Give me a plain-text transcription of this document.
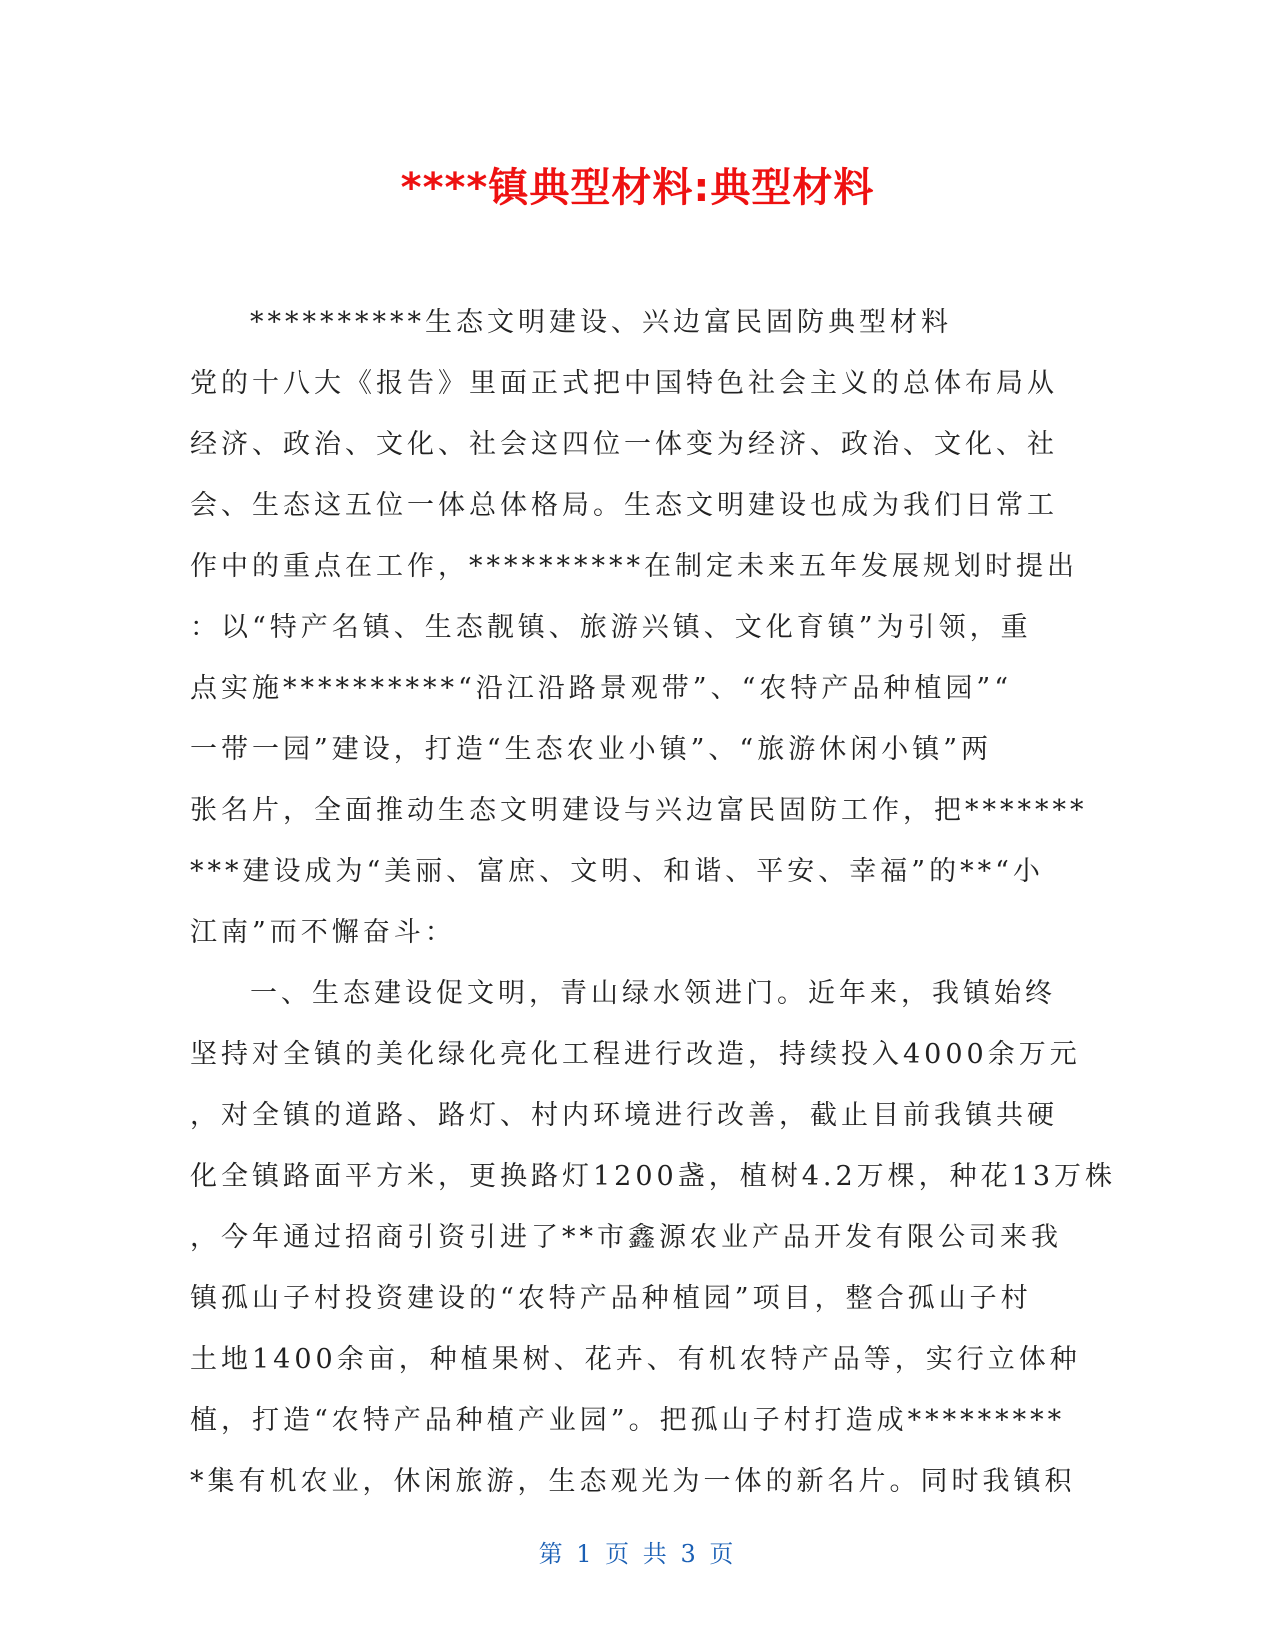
****镇典型材料:典型材料
**********生态文明建设、兴边富民固防典型材料
党的十八大《报告》里面正式把中国特色社会主义的总体布局从
经济、政治、文化、社会这四位一体变为经济、政治、文化、社
会、生态这五位一体总体格局。生态文明建设也成为我们日常工
作中的重点在工作，**********在制定未来五年发展规划时提出
：以“特产名镇、生态靓镇、旅游兴镇、文化育镇”为引领，重
点实施**********“沿江沿路景观带”、“农特产品种植园”“
一带一园”建设，打造“生态农业小镇”、“旅游休闲小镇”两
张名片，全面推动生态文明建设与兴边富民固防工作，把*******
***建设成为“美丽、富庶、文明、和谐、平安、幸福”的**“小
江南”而不懈奋斗：
一、生态建设促文明，青山绿水领进门。近年来，我镇始终
坚持对全镇的美化绿化亮化工程进行改造，持续投入4000余万元
，对全镇的道路、路灯、村内环境进行改善，截止目前我镇共硬
化全镇路面平方米，更换路灯1200盏，植树4.2万棵，种花13万株
，今年通过招商引资引进了**市鑫源农业产品开发有限公司来我
镇孤山子村投资建设的“农特产品种植园”项目，整合孤山子村
土地1400余亩，种植果树、花卉、有机农特产品等，实行立体种
植，打造“农特产品种植产业园”。把孤山子村打造成*********
*集有机农业，休闲旅游，生态观光为一体的新名片。同时我镇积
第 1 页 共 3 页
